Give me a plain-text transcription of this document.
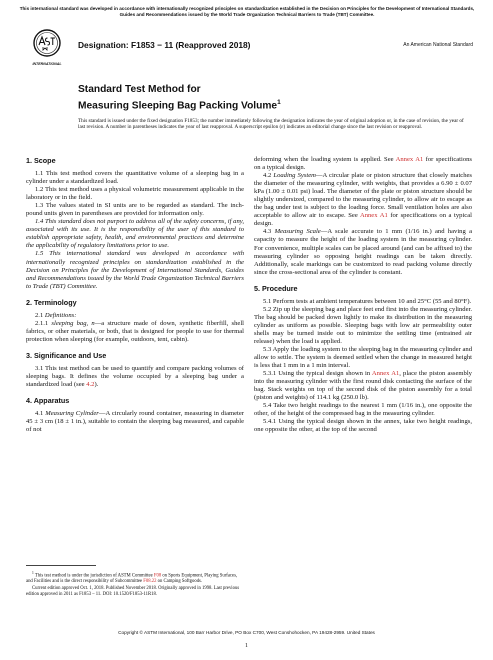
This international standard was developed in accordance with internationally recognized principles on standardization established in the Decision on Principles for the Development of International Standards, Guides and Recommendations issued by the World Trade Organization Technical Barriers to Trade (TBT) Committee.
INTERNATIONAL
Designation: F1853 − 11 (Reapproved 2018)	An American National Standard
Standard Test Method for
Measuring Sleeping Bag Packing Volume$^1$
This standard is issued under the fixed designation F1853; the number immediately following the designation indicates the year of original adoption or, in the case of revision, the year of last revision. A number in parentheses indicates the year of last reapproval. A superscript epsilon (ε) indicates an editorial change since the last revision or reapproval.
1. Scope

1.1 This test method covers the quantitative volume of a sleeping bag in a cylinder under a standardized load.

1.2 This test method uses a physical volumetric measurement applicable in the laboratory or in the field.

1.3 The values stated in SI units are to be regarded as standard. The inch-pound units given in parentheses are provided for information only.

1.4 This standard does not purport to address all of the safety concerns, if any, associated with its use. It is the responsibility of the user of this standard to establish appropriate safety, health, and environmental practices and determine the applicability of regulatory limitations prior to use.

1.5 This international standard was developed in accordance with internationally recognized principles on standardization established in the Decision on Principles for the Development of International Standards, Guides and Recommendations issued by the World Trade Organization Technical Barriers to Trade (TBT) Committee.

2. Terminology

2.1 Definitions:

2.1.1 sleeping bag, n—a structure made of down, synthetic fiberfill, shell fabrics, or other materials, or both, that is designed for people to use for thermal protection when sleeping (for example, outdoors, tent, cabin).

3. Significance and Use

3.1 This test method can be used to quantify and compare packing volumes of sleeping bags. It defines the volume occupied by a sleeping bag under a standardized load (see 4.2).

4. Apparatus

4.1 Measuring Cylinder—A circularly round container, measuring in diameter 45 ± 3 cm (18 ± 1 in.), suitable to contain the sleeping bag measured, and capable of not

deforming when the loading system is applied. See Annex A1 for specifications on a typical design.

4.2 Loading System—A circular plate or piston structure that closely matches the diameter of the measuring cylinder, with weights, that provides a 6.90 ± 0.07 kPa (1.00 ± 0.01 psi) load. The diameter of the plate or piston structure should be slightly undersized, compared to the measuring cylinder, to allow air to escape as the bag under test is subject to the loading force. Small ventilation holes are also acceptable to allow air to escape. See Annex A1 for specifications on a typical design.

4.3 Measuring Scale—A scale accurate to 1 mm (1/16 in.) and having a capacity to measure the height of the loading system in the measuring cylinder. For convenience, multiple scales can be placed around (and can be affixed to) the measuring cylinder so opposing height readings can be taken directly. Additionally, scale markings can be customized to read packing volume directly since the cross-sectional area of the cylinder is constant.

5. Procedure

5.1 Perform tests at ambient temperatures between 10 and 25°C (55 and 80°F).

5.2 Zip up the sleeping bag and place feet end first into the measuring cylinder. The bag should be packed down lightly to make its distribution in the measuring cylinder as uniform as possible. Sleeping bags with low air permeability outer shells may be turned inside out to minimize the settling time (entrained air release) when the load is applied.

5.3 Apply the loading system to the sleeping bag in the measuring cylinder and allow to settle. The system is deemed settled when the change in measured height is less that 1 mm in a 1 min interval.

5.3.1 Using the typical design shown in Annex A1, place the piston assembly into the measuring cylinder with the first round disk contacting the surface of the bag. Stack weights on top of the second disk of the piston assembly for a total (piston and weights) of 114.1 kg (250.0 lb).

5.4 Take two height readings to the nearest 1 mm (1/16 in.), one opposite the other, of the height of the compressed bag in the measuring cylinder.

5.4.1 Using the typical design shown in the annex, take two height readings, one opposite the other, at the top of the second

$^1$ This test method is under the jurisdiction of ASTM Committee F08 on Sports Equipment, Playing Surfaces, and Facilities and is the direct responsibility of Subcommittee F08.22 on Camping Softgoods.

Current edition approved Oct. 1, 2018. Published November 2018. Originally approved in 1998. Last previous edition approved in 2011 as F1853 – 11. DOI: 10.1520/F1853-11R18.

Copyright © ASTM International, 100 Barr Harbor Drive, PO Box C700, West Conshohocken, PA 19428-2959. United States
1
